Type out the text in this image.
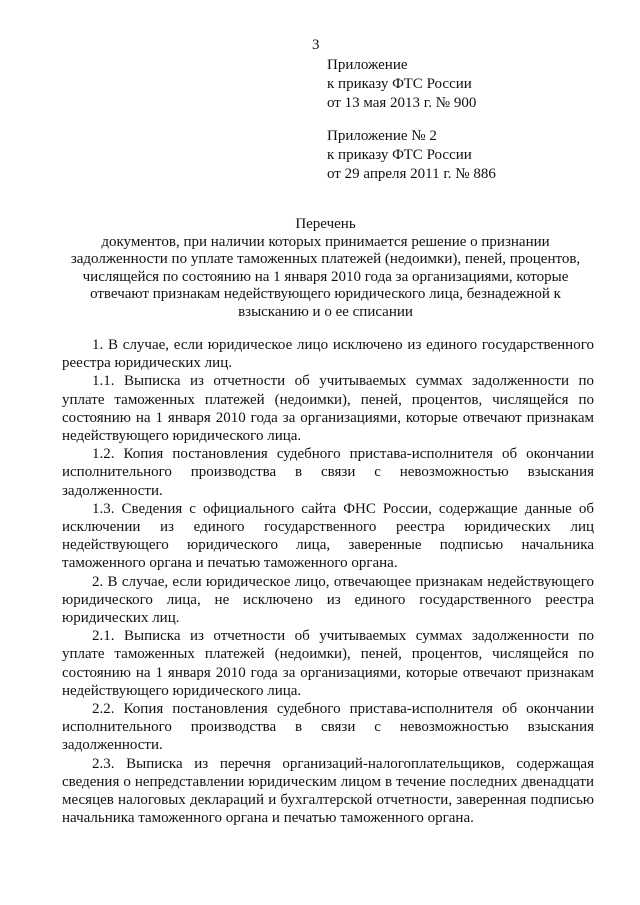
3
Приложение
к приказу ФТС России
от 13 мая 2013 г. № 900
Приложение № 2
к приказу ФТС России
от 29 апреля 2011 г. № 886
Перечень
документов, при наличии которых принимается решение о признании
задолженности по уплате таможенных платежей (недоимки), пеней, процентов,
числящейся по состоянию на 1 января 2010 года за организациями, которые
отвечают признакам недействующего юридического лица, безнадежной к
взысканию и о ее списании

1. В случае, если юридическое лицо исключено из единого государственного реестра юридических лиц.

1.1. Выписка из отчетности об учитываемых суммах задолженности по уплате таможенных платежей (недоимки), пеней, процентов, числящейся по состоянию на 1 января 2010 года за организациями, которые отвечают признакам недействующего юридического лица.

1.2. Копия постановления судебного пристава-исполнителя об окончании исполнительного производства в связи с невозможностью взыскания задолженности.

1.3. Сведения с официального сайта ФНС России, содержащие данные об исключении из единого государственного реестра юридических лиц недействующего юридического лица, заверенные подписью начальника таможенного органа и печатью таможенного органа.

2. В случае, если юридическое лицо, отвечающее признакам недействующего юридического лица, не исключено из единого государственного реестра юридических лиц.

2.1. Выписка из отчетности об учитываемых суммах задолженности по уплате таможенных платежей (недоимки), пеней, процентов, числящейся по состоянию на 1 января 2010 года за организациями, которые отвечают признакам недействующего юридического лица.

2.2. Копия постановления судебного пристава-исполнителя об окончании исполнительного производства в связи с невозможностью взыскания задолженности.

2.3. Выписка из перечня организаций-налогоплательщиков, содержащая сведения о непредставлении юридическим лицом в течение последних двенадцати месяцев налоговых деклараций и бухгалтерской отчетности, заверенная подписью начальника таможенного органа и печатью таможенного органа.
